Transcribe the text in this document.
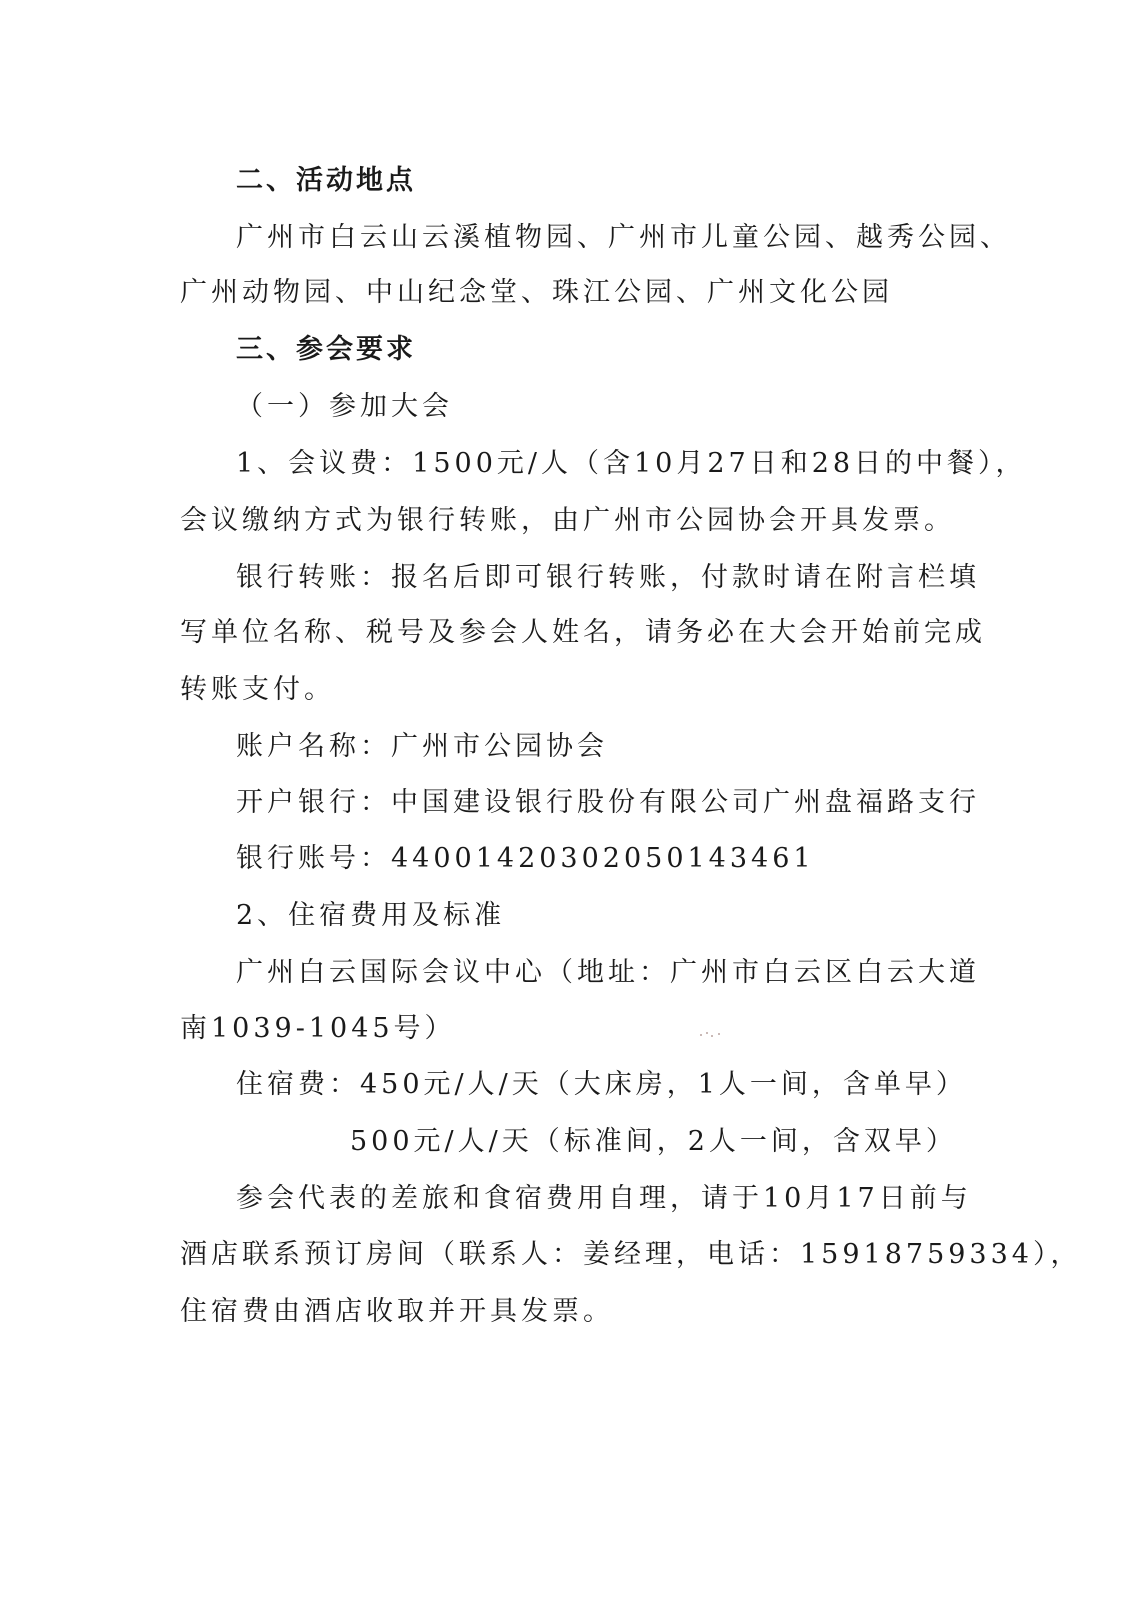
二、活动地点

广州市白云山云溪植物园、广州市儿童公园、越秀公园、

广州动物园、中山纪念堂、珠江公园、广州文化公园

三、参会要求

（一）参加大会

1、会议费：1500元/人（含10月27日和28日的中餐），

会议缴纳方式为银行转账，由广州市公园协会开具发票。

银行转账：报名后即可银行转账，付款时请在附言栏填

写单位名称、税号及参会人姓名，请务必在大会开始前完成

转账支付。

账户名称：广州市公园协会

开户银行：中国建设银行股份有限公司广州盘福路支行

银行账号：44001420302050143461

2、住宿费用及标准

广州白云国际会议中心（地址：广州市白云区白云大道

南1039-1045号）

住宿费：450元/人/天（大床房，1人一间，含单早）

500元/人/天（标准间，2人一间，含双早）

参会代表的差旅和食宿费用自理，请于10月17日前与

酒店联系预订房间（联系人：姜经理，电话：15918759334），

住宿费由酒店收取并开具发票。
